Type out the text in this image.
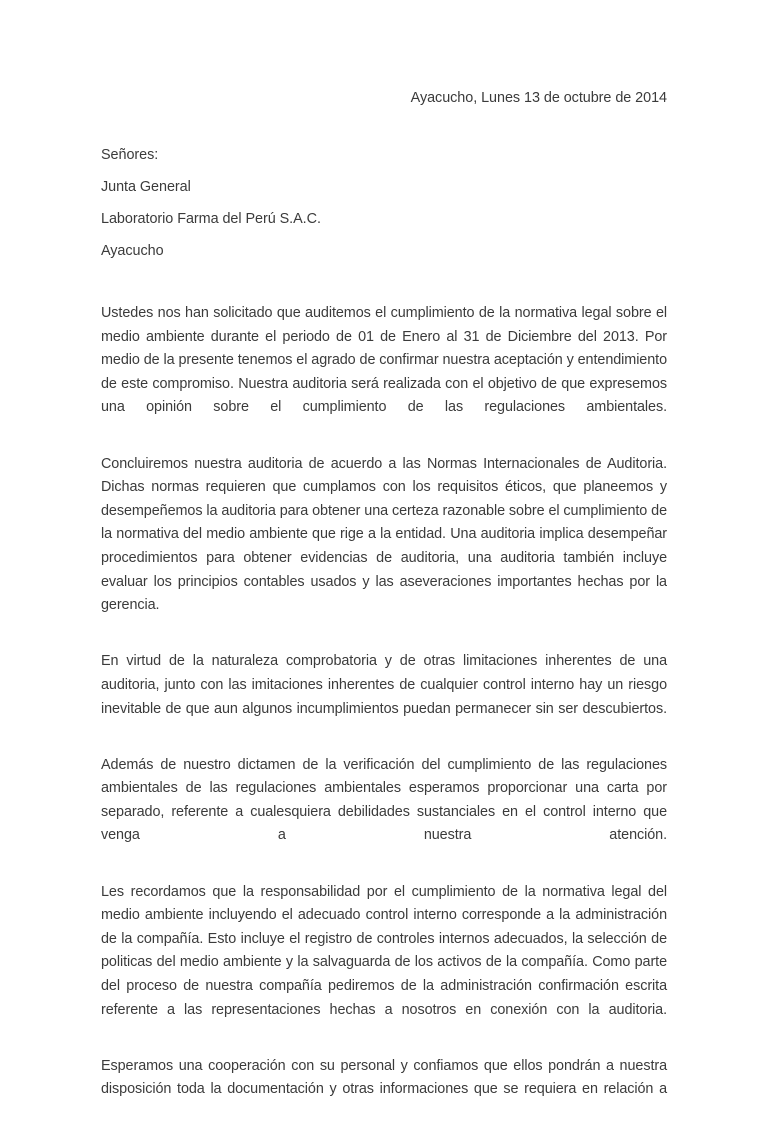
Ayacucho, Lunes 13 de octubre de 2014

Señores:

Junta General

Laboratorio Farma del Perú S.A.C.

Ayacucho

Ustedes nos han solicitado que auditemos el cumplimiento de la normativa legal sobre el medio ambiente durante el periodo de 01 de Enero al 31 de Diciembre del 2013. Por medio de la presente tenemos el agrado de confirmar nuestra aceptación y entendimiento de este compromiso. Nuestra auditoria será realizada con el objetivo de que expresemos una opinión sobre el cumplimiento de las regulaciones ambientales.

Concluiremos nuestra auditoria de acuerdo a las Normas Internacionales de Auditoria. Dichas normas requieren que cumplamos con los requisitos éticos, que planeemos y desempeñemos la auditoria para obtener una certeza razonable sobre el cumplimiento de la normativa del medio ambiente que rige a la entidad. Una auditoria implica desempeñar procedimientos para obtener evidencias de auditoria, una auditoria también incluye evaluar los principios contables usados y las aseveraciones importantes hechas por la gerencia.

En virtud de la naturaleza comprobatoria y de otras limitaciones inherentes de una auditoria, junto con las imitaciones inherentes de cualquier control interno hay un riesgo inevitable de que aun algunos incumplimientos puedan permanecer sin ser descubiertos.

Además de nuestro dictamen de la verificación del cumplimiento de las regulaciones ambientales de las regulaciones ambientales esperamos proporcionar una carta por separado, referente a cualesquiera debilidades sustanciales en el control interno que venga a nuestra atención.

Les recordamos que la responsabilidad por el cumplimiento de la normativa legal del medio ambiente incluyendo el adecuado control interno corresponde a la administración de la compañía. Esto incluye el registro de controles internos adecuados, la selección de politicas del medio ambiente y la salvaguarda de los activos de la compañía. Como parte del proceso de nuestra compañía pediremos de la administración confirmación escrita referente a las representaciones hechas a nosotros en conexión con la auditoria.

Esperamos una cooperación con su personal y confiamos que ellos pondrán a nuestra disposición toda la documentación y otras informaciones que se requiera en relación a
